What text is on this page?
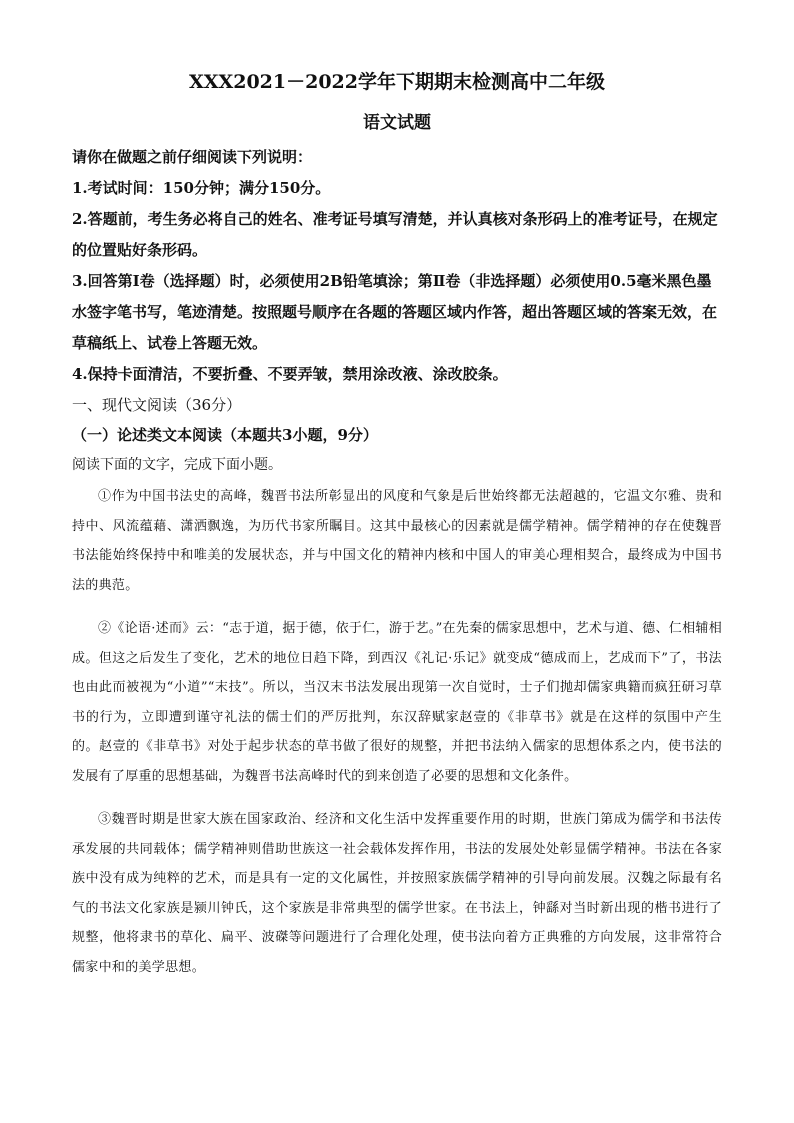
XXX2021－2022学年下期期末检测高中二年级
语文试题

请你在做题之前仔细阅读下列说明：

1.考试时间：150分钟；满分150分。

2.答题前，考生务必将自己的姓名、准考证号填写清楚，并认真核对条形码上的准考证号，在规定的位置贴好条形码。

3.回答第Ⅰ卷（选择题）时，必须使用2B铅笔填涂；第Ⅱ卷（非选择题）必须使用0.5毫米黑色墨水签字笔书写，笔迹清楚。按照题号顺序在各题的答题区域内作答，超出答题区域的答案无效，在草稿纸上、试卷上答题无效。

4.保持卡面清洁，不要折叠、不要弄皱，禁用涂改液、涂改胶条。

一、现代文阅读（36分）

（一）论述类文本阅读（本题共3小题，9分）

阅读下面的文字，完成下面小题。

①作为中国书法史的高峰，魏晋书法所彰显出的风度和气象是后世始终都无法超越的，它温文尔雅、贵和持中、风流蕴藉、潇洒飘逸，为历代书家所瞩目。这其中最核心的因素就是儒学精神。儒学精神的存在使魏晋书法能始终保持中和唯美的发展状态，并与中国文化的精神内核和中国人的审美心理相契合，最终成为中国书法的典范。

②《论语·述而》云：“志于道，据于德，依于仁，游于艺。”在先秦的儒家思想中，艺术与道、德、仁相辅相成。但这之后发生了变化，艺术的地位日趋下降，到西汉《礼记·乐记》就变成“德成而上，艺成而下”了，书法也由此而被视为“小道”“末技”。所以，当汉末书法发展出现第一次自觉时，士子们抛却儒家典籍而疯狂研习草书的行为，立即遭到谨守礼法的儒士们的严厉批判，东汉辞赋家赵壹的《非草书》就是在这样的氛围中产生的。赵壹的《非草书》对处于起步状态的草书做了很好的规整，并把书法纳入儒家的思想体系之内，使书法的发展有了厚重的思想基础，为魏晋书法高峰时代的到来创造了必要的思想和文化条件。

③魏晋时期是世家大族在国家政治、经济和文化生活中发挥重要作用的时期，世族门第成为儒学和书法传承发展的共同载体；儒学精神则借助世族这一社会载体发挥作用，书法的发展处处彰显儒学精神。书法在各家族中没有成为纯粹的艺术，而是具有一定的文化属性，并按照家族儒学精神的引导向前发展。汉魏之际最有名气的书法文化家族是颍川钟氏，这个家族是非常典型的儒学世家。在书法上，钟繇对当时新出现的楷书进行了规整，他将隶书的草化、扁平、波磔等问题进行了合理化处理，使书法向着方正典雅的方向发展，这非常符合儒家中和的美学思想。
